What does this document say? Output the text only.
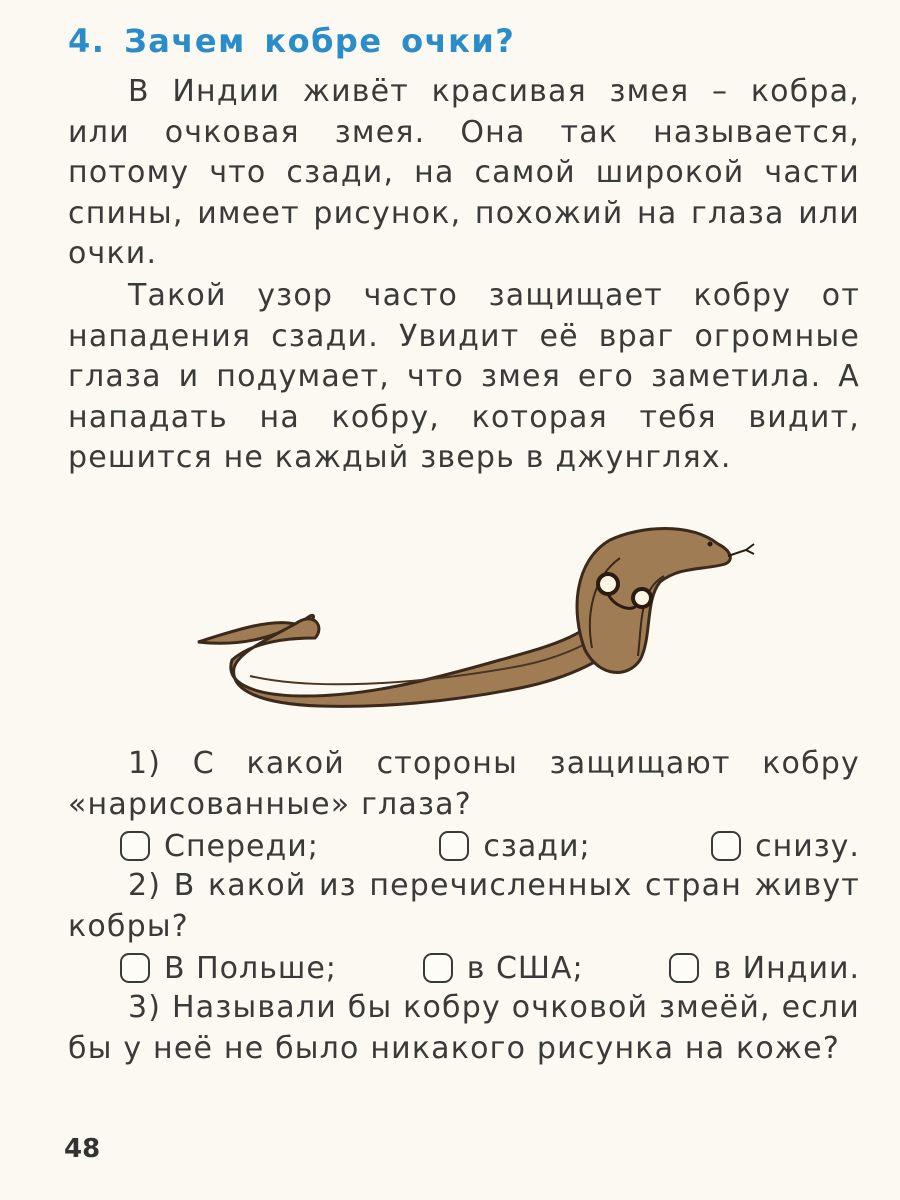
4. Зачем кобре очки?
В Индии живёт красивая змея – кобра, или очковая змея. Она так называется, потому что сзади, на самой широкой части спины, имеет рисунок, похожий на глаза или очки.
Такой узор часто защищает кобру от нападения сзади. Увидит её враг огромные глаза и подумает, что змея его заметила. А нападать на кобру, которая тебя видит, решится не каждый зверь в джунглях.
1) С какой стороны защищают кобру «нарисованные» глаза?
Спереди;	сзади;	снизу.
2) В какой из перечисленных стран живут кобры?
В Польше;	в США;	в Индии.
3) Называли бы кобру очковой змеёй, если бы у неё не было никакого рисунка на коже?
48
